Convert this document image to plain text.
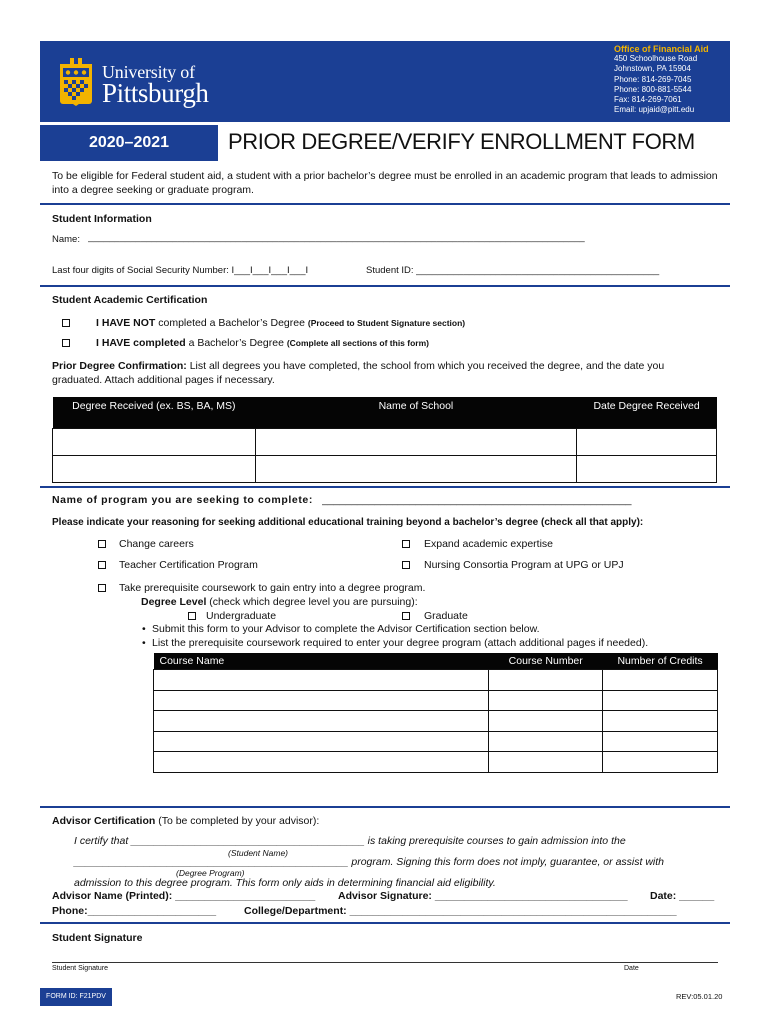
University of
Pittsburgh
Office of Financial Aid
450 Schoolhouse Road
Johnstown, PA 15904
Phone: 814-269-7045
Phone: 800-881-5544
Fax: 814-269-7061
Email: upjaid@pitt.edu
2020–2021	PRIOR DEGREE/VERIFY ENROLLMENT FORM
To be eligible for Federal student aid, a student with a prior bachelor’s degree must be enrolled in an academic program that leads to admission into a degree seeking or graduate program.
Student Information
Name: ______________________________________________________________________________________________
Last four digits of Social Security Number: I___I___I___I___I	Student ID: ______________________________________________
Student Academic Certification
I HAVE NOT completed a Bachelor’s Degree (Proceed to Student Signature section)
I HAVE completed a Bachelor’s Degree (Complete all sections of this form)
Prior Degree Confirmation: List all degrees you have completed, the school from which you received the degree, and the date you
graduated. Attach additional pages if necessary.
Degree Received (ex. BS, BA, MS)	Name of School	Date Degree Received

Name of program you are seeking to complete: _____________________________________________________
Please indicate your reasoning for seeking additional educational training beyond a bachelor’s degree (check all that apply):
Change careers	Expand academic expertise
Teacher Certification Program	Nursing Consortia Program at UPG or UPJ
Take prerequisite coursework to gain entry into a degree program.
Degree Level (check which degree level you are pursuing):
Undergraduate	Graduate
• Submit this form to your Advisor to complete the Advisor Certification section below.
• List the prerequisite coursework required to enter your degree program (attach additional pages if needed).
Course Name	Course Number	Number of Credits

Advisor Certification (To be completed by your advisor):
I certify that ________________________________________ is taking prerequisite courses to gain admission into the
(Student Name)
_______________________________________________ program. Signing this form does not imply, guarantee, or assist with
(Degree Program)
admission to this degree program. This form only aids in determining financial aid eligibility.
Advisor Name (Printed): ________________________ Advisor Signature: _________________________________ Date: ______
Phone:______________________	College/Department: ________________________________________________________
Student Signature
Student Signature	Date
FORM ID: F21PDV	REV:05.01.20
